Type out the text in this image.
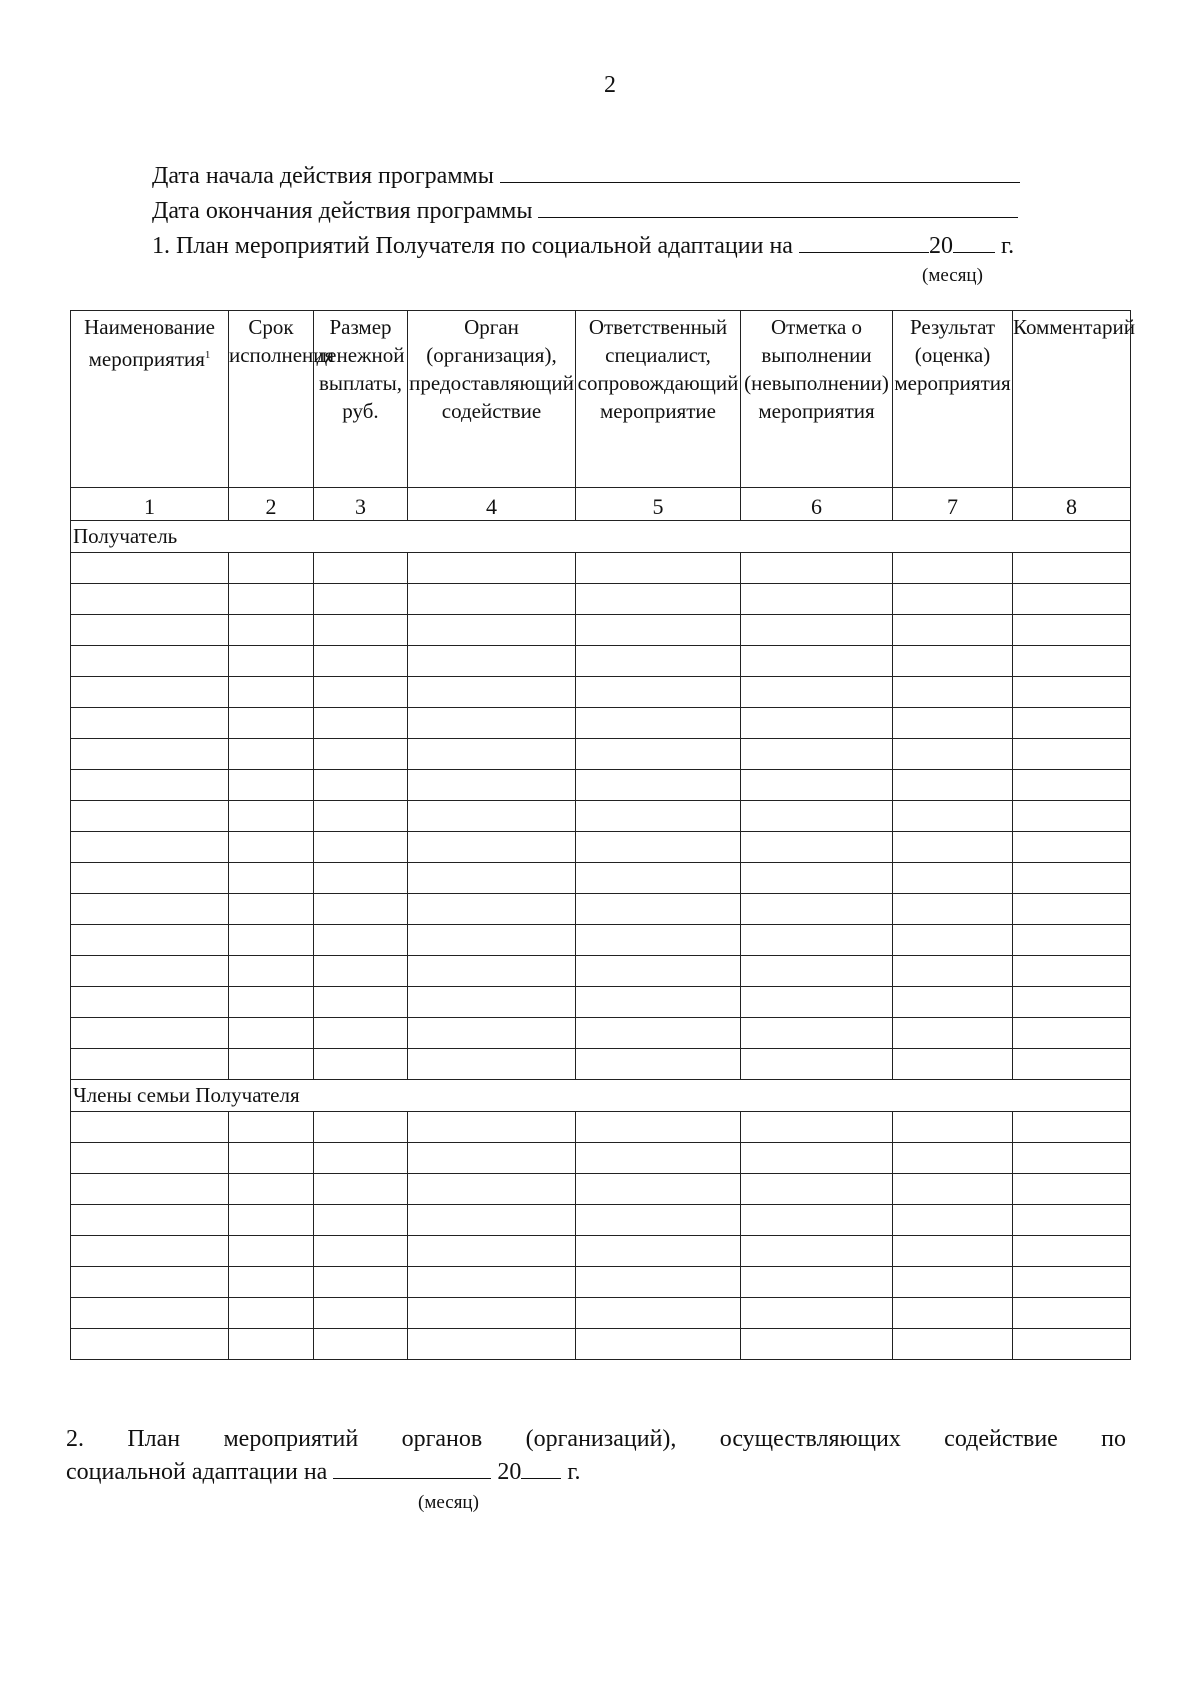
2
Дата начала действия программы
Дата окончания действия программы
1. План мероприятий Получателя по социальной адаптации на	20 г.
(месяц)
Наименование мероприятия$^1$	Срок исполнения	Размер денежной выплаты, руб.	Орган (организация), предоставляющий содействие	Ответственный специалист, сопровождающий мероприятие	Отметка о выполнении (невыполнении) мероприятия	Результат (оценка) мероприятия	Комментарий
1	2	3	4	5	6	7	8
Получатель							

Члены семьи Получателя							

2. План мероприятий органов (организаций), осуществляющих содействие по
социальной адаптации на	20 г.
(месяц)
